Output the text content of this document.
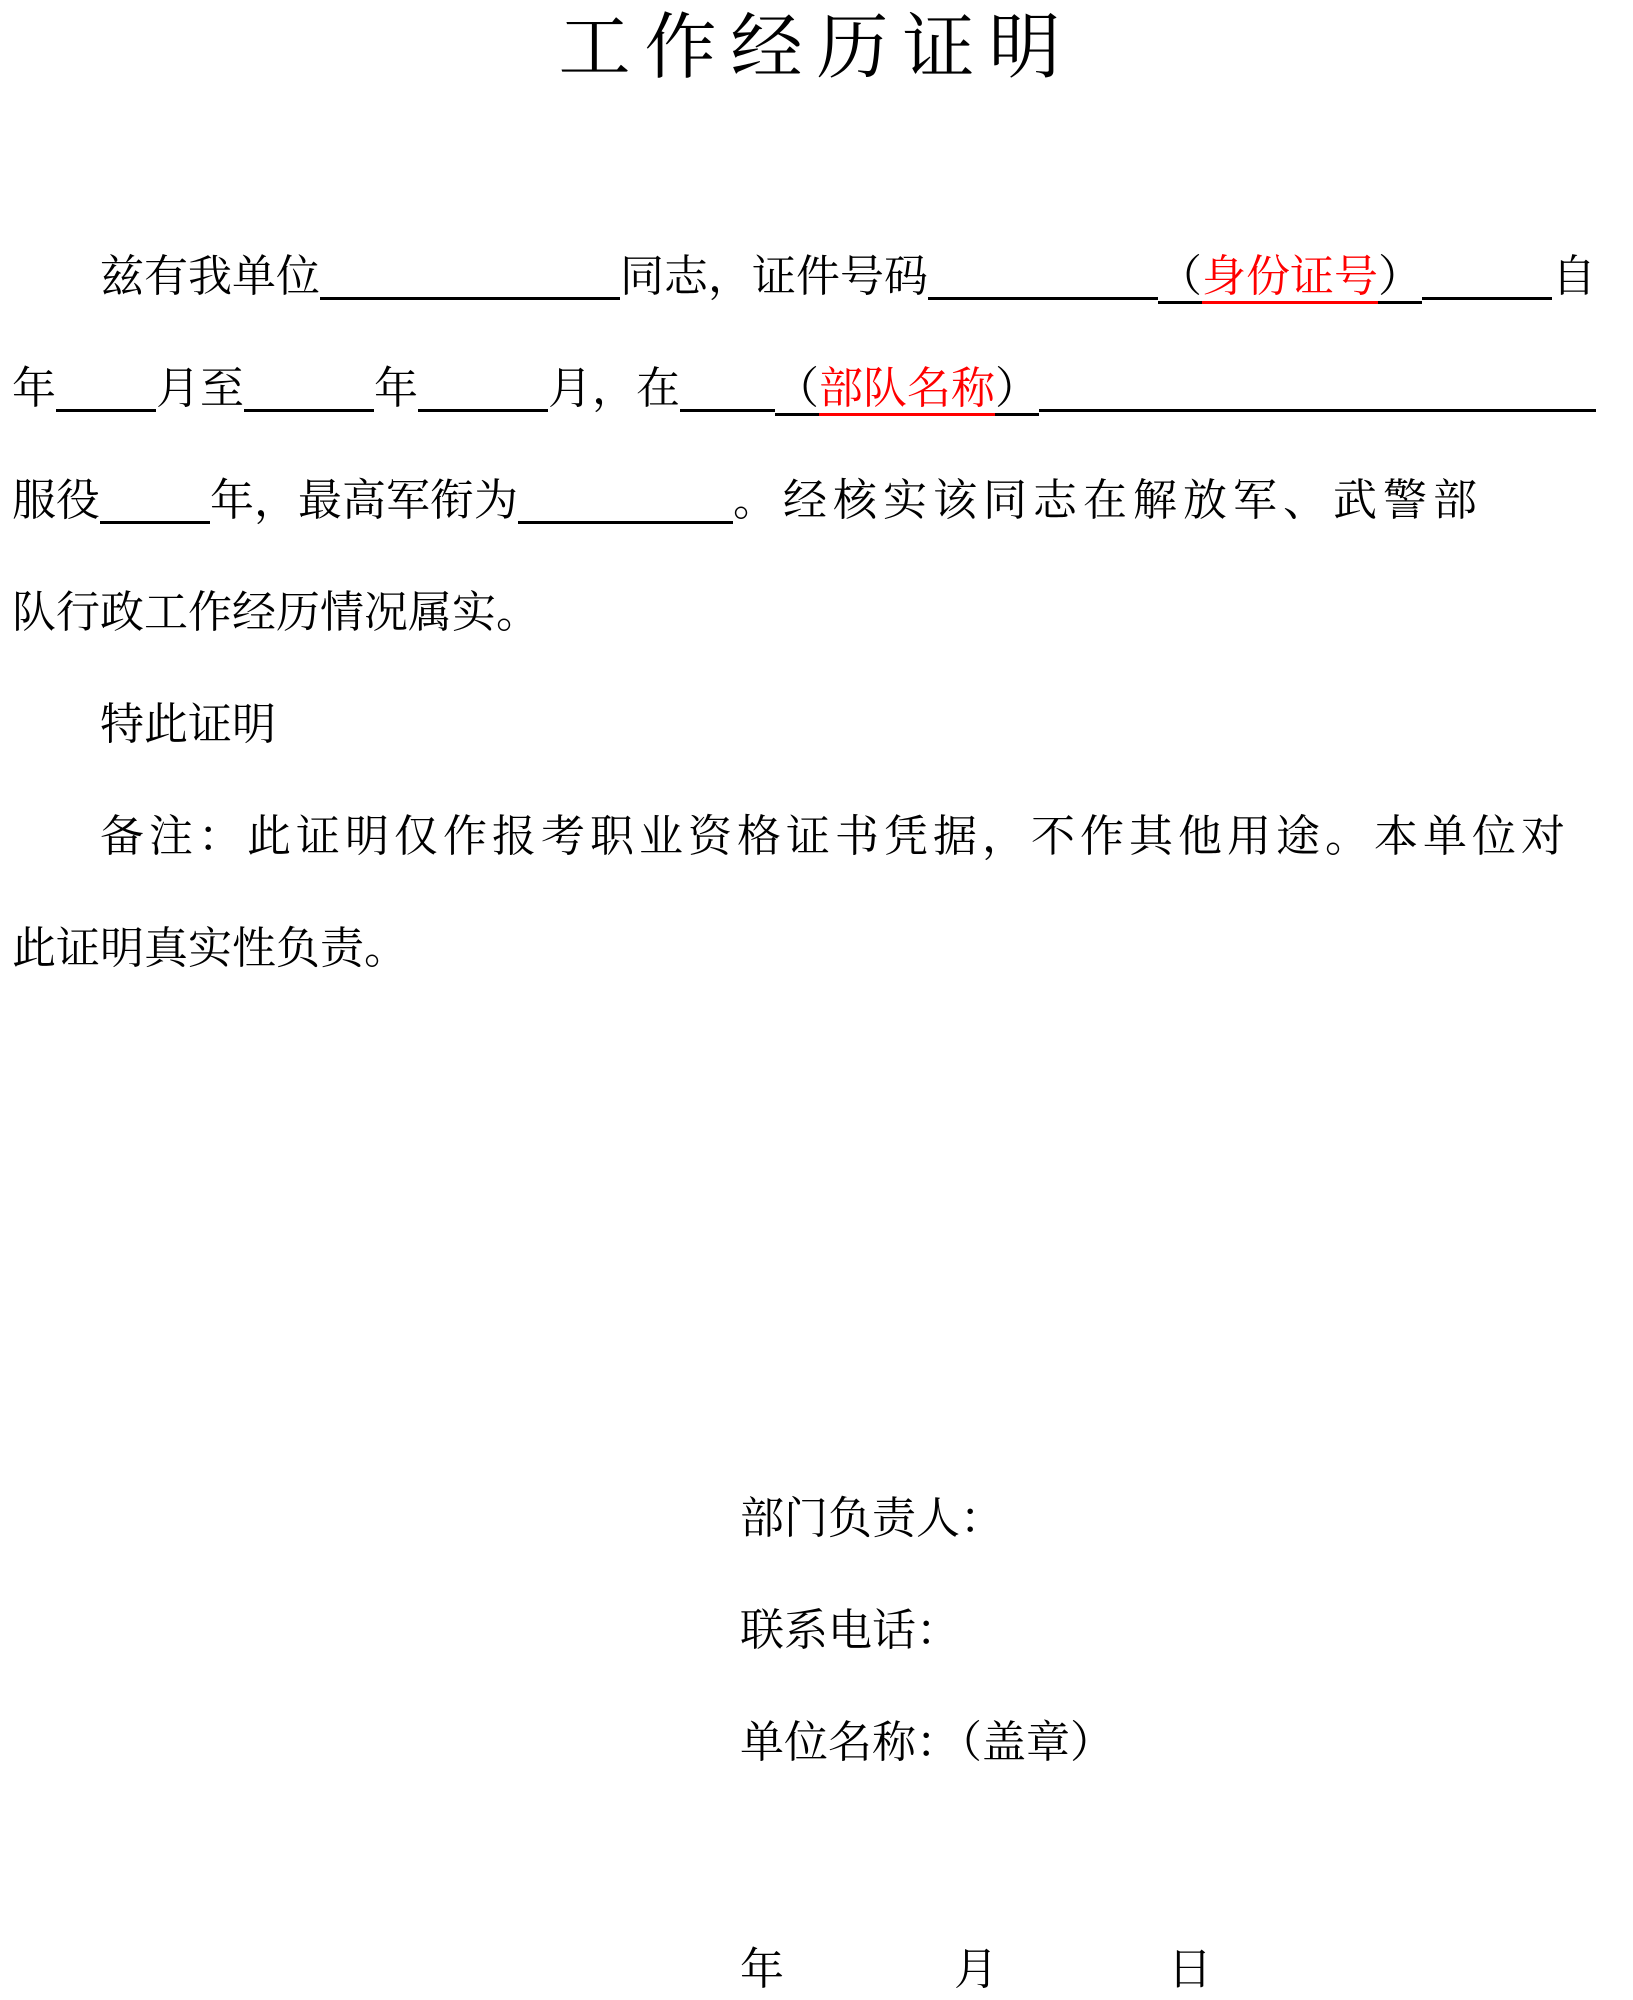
工作经历证明
兹有我单位	同志，证件号码	（身份证号）	自
年 月至	年	月，在 （部队名称）
服役	年，最高军衔为	。经核实该同志在解放军、武警部
队行政工作经历情况属实。
特此证明
备注：此证明仅作报考职业资格证书凭据，不作其他用途。本单位对
此证明真实性负责。
部门负责人：
联系电话：
单位名称：（盖章）
年	月	日
